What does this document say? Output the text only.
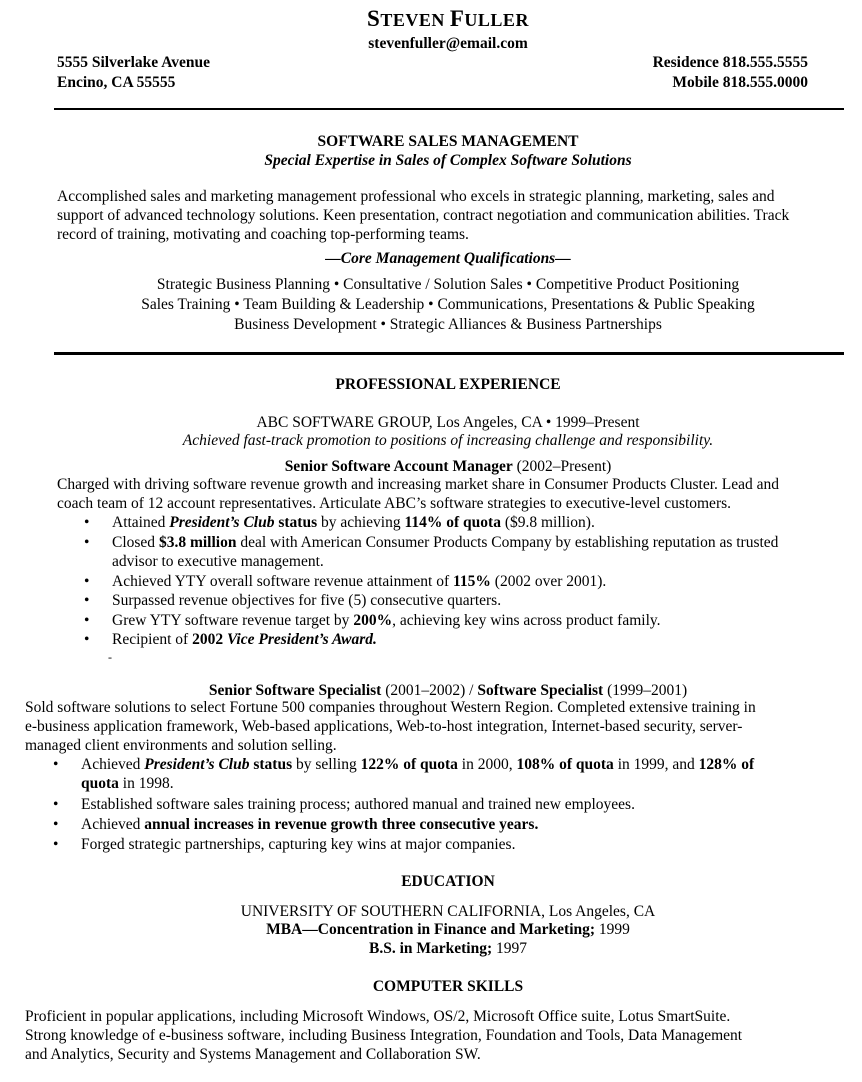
STEVEN FULLER
stevenfuller@email.com
5555 Silverlake Avenue
Encino, CA 55555
Residence 818.555.5555
Mobile 818.555.0000
SOFTWARE SALES MANAGEMENT
Special Expertise in Sales of Complex Software Solutions
Accomplished sales and marketing management professional who excels in strategic planning, marketing, sales and
support of advanced technology solutions. Keen presentation, contract negotiation and communication abilities. Track
record of training, motivating and coaching top-performing teams.
—Core Management Qualifications—
Strategic Business Planning • Consultative / Solution Sales • Competitive Product Positioning
Sales Training • Team Building & Leadership • Communications, Presentations & Public Speaking
Business Development • Strategic Alliances & Business Partnerships
PROFESSIONAL EXPERIENCE
ABC SOFTWARE GROUP, Los Angeles, CA • 1999–Present
Achieved fast-track promotion to positions of increasing challenge and responsibility.
Senior Software Account Manager (2002–Present)
Charged with driving software revenue growth and increasing market share in Consumer Products Cluster. Lead and
coach team of 12 account representatives. Articulate ABC’s software strategies to executive-level customers.
•	Attained President’s Club status by achieving 114% of quota ($9.8 million).
•	Closed $3.8 million deal with American Consumer Products Company by establishing reputation as trusted
advisor to executive management.
•	Achieved YTY overall software revenue attainment of 115% (2002 over 2001).
•	Surpassed revenue objectives for five (5) consecutive quarters.
•	Grew YTY software revenue target by 200%, achieving key wins across product family.
•	Recipient of 2002 Vice President’s Award.
-
Senior Software Specialist (2001–2002) / Software Specialist (1999–2001)
Sold software solutions to select Fortune 500 companies throughout Western Region. Completed extensive training in
e-business application framework, Web-based applications, Web-to-host integration, Internet-based security, server-
managed client environments and solution selling.
•	Achieved President’s Club status by selling 122% of quota in 2000, 108% of quota in 1999, and 128% of
quota in 1998.
•	Established software sales training process; authored manual and trained new employees.
•	Achieved annual increases in revenue growth three consecutive years.
•	Forged strategic partnerships, capturing key wins at major companies.
EDUCATION
UNIVERSITY OF SOUTHERN CALIFORNIA, Los Angeles, CA
MBA—Concentration in Finance and Marketing; 1999
B.S. in Marketing; 1997
COMPUTER SKILLS
Proficient in popular applications, including Microsoft Windows, OS/2, Microsoft Office suite, Lotus SmartSuite.
Strong knowledge of e-business software, including Business Integration, Foundation and Tools, Data Management
and Analytics, Security and Systems Management and Collaboration SW.
